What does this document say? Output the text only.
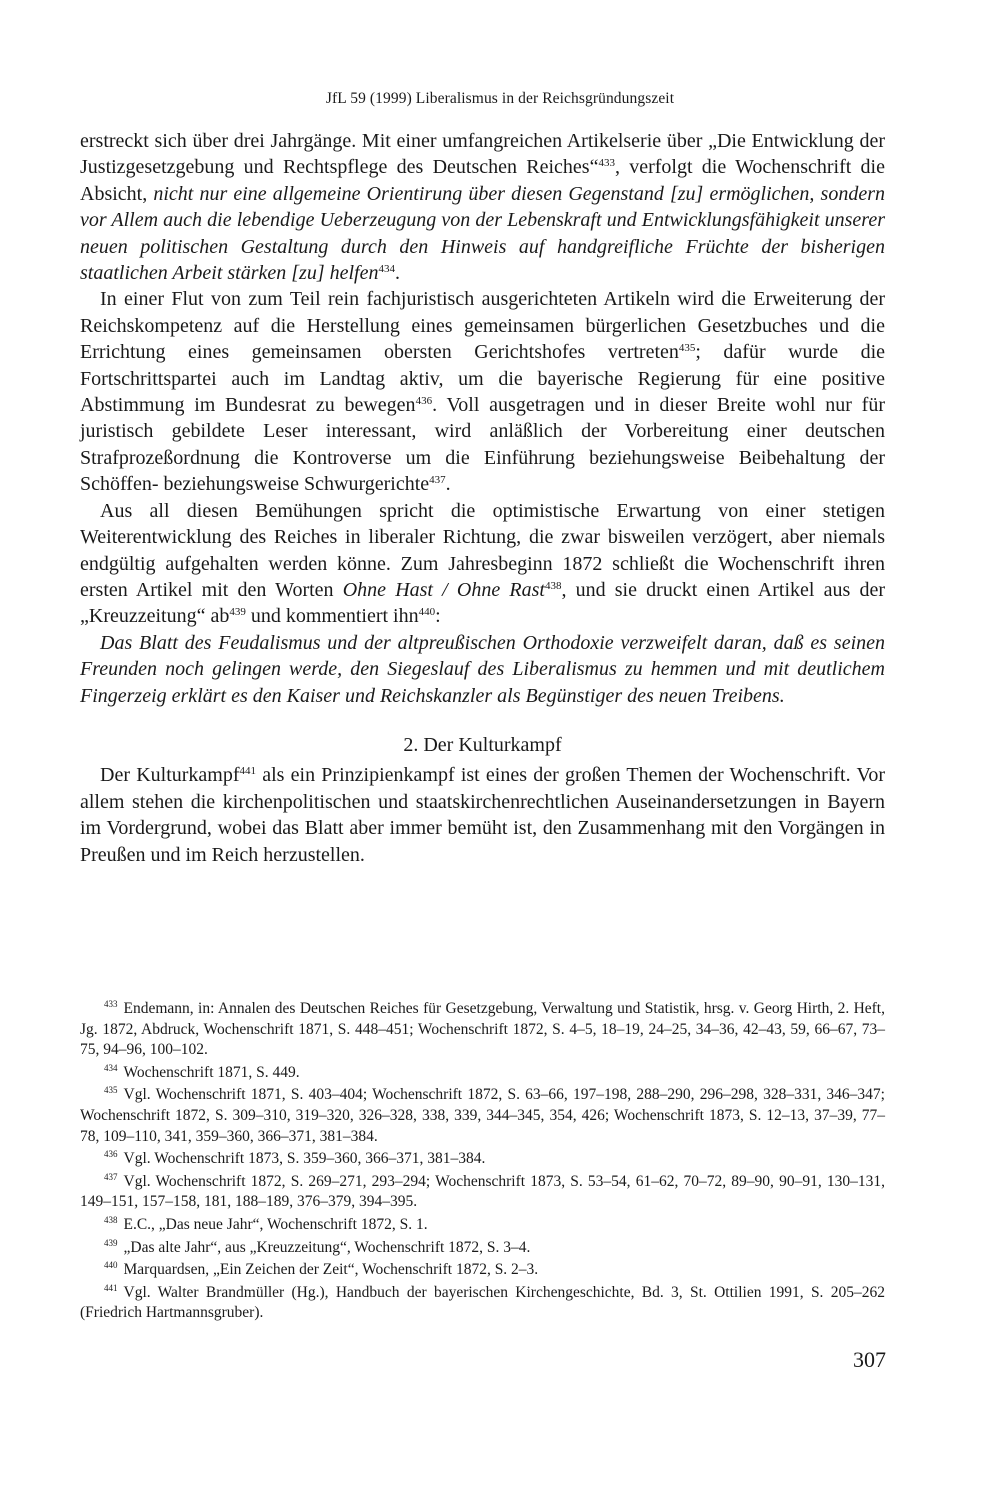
JfL 59 (1999) Liberalismus in der Reichsgründungszeit

erstreckt sich über drei Jahrgänge. Mit einer umfangreichen Artikelserie über „Die Entwicklung der Justizgesetzgebung und Rechtspflege des Deutschen Reiches“$^{433}$, verfolgt die Wochenschrift die Absicht, nicht nur eine allgemeine Orientirung über diesen Gegenstand [zu] ermöglichen, sondern vor Allem auch die lebendige Ueberzeugung von der Lebenskraft und Entwicklungsfähigkeit unserer neuen politischen Gestaltung durch den Hinweis auf handgreifliche Früchte der bisherigen staatlichen Arbeit stärken [zu] helfen$^{434}$.

In einer Flut von zum Teil rein fachjuristisch ausgerichteten Artikeln wird die Erweiterung der Reichskompetenz auf die Herstellung eines gemeinsamen bürgerlichen Gesetzbuches und die Errichtung eines gemeinsamen obersten Gerichtshofes vertreten$^{435}$; dafür wurde die Fortschrittspartei auch im Landtag aktiv, um die bayerische Regierung für eine positive Abstimmung im Bundesrat zu bewegen$^{436}$. Voll ausgetragen und in dieser Breite wohl nur für juristisch gebildete Leser interessant, wird anläßlich der Vorbereitung einer deutschen Strafprozeßordnung die Kontroverse um die Einführung beziehungsweise Beibehaltung der Schöffen- beziehungsweise Schwurgerichte$^{437}$.

Aus all diesen Bemühungen spricht die optimistische Erwartung von einer stetigen Weiterentwicklung des Reiches in liberaler Richtung, die zwar bisweilen verzögert, aber niemals endgültig aufgehalten werden könne. Zum Jahresbeginn 1872 schließt die Wochenschrift ihren ersten Artikel mit den Worten Ohne Hast / Ohne Rast$^{438}$, und sie druckt einen Artikel aus der „Kreuzzeitung“ $ab^{439}$ und kommentiert ihn$^{440}$:

Das Blatt des Feudalismus und der altpreußischen Orthodoxie verzweifelt daran, daß es seinen Freunden noch gelingen werde, den Siegeslauf des Liberalismus zu hemmen und mit deutlichem Fingerzeig erklärt es den Kaiser und Reichskanzler als Begünstiger des neuen Treibens.

2. Der Kulturkampf

Der Kulturkampf$^{441}$ als ein Prinzipienkampf ist eines der großen Themen der Wochenschrift. Vor allem stehen die kirchenpolitischen und staatskirchenrechtlichen Auseinandersetzungen in Bayern im Vordergrund, wobei das Blatt aber immer bemüht ist, den Zusammenhang mit den Vorgängen in Preußen und im Reich herzustellen.

$^{433}$ Endemann, in: Annalen des Deutschen Reiches für Gesetzgebung, Verwaltung und Statistik, hrsg. v. Georg Hirth, 2. Heft, Jg. 1872, Abdruck, Wochenschrift 1871, S. 448–451; Wochenschrift 1872, S. 4–5, 18–19, 24–25, 34–36, 42–43, 59, 66–67, 73–75, 94–96, 100–102.

$^{434}$ Wochenschrift 1871, S. 449.

$^{435}$ Vgl. Wochenschrift 1871, S. 403–404; Wochenschrift 1872, S. 63–66, 197–198, 288–290, 296–298, 328–331, 346–347; Wochenschrift 1872, S. 309–310, 319–320, 326–328, 338, 339, 344–345, 354, 426; Wochenschrift 1873, S. 12–13, 37–39, 77–78, 109–110, 341, 359–360, 366–371, 381–384.

$^{436}$ Vgl. Wochenschrift 1873, S. 359–360, 366–371, 381–384.

$^{437}$ Vgl. Wochenschrift 1872, S. 269–271, 293–294; Wochenschrift 1873, S. 53–54, 61–62, 70–72, 89–90, 90–91, 130–131, 149–151, 157–158, 181, 188–189, 376–379, 394–395.

$^{438}$ E.C., „Das neue Jahr“, Wochenschrift 1872, S. 1.

$^{439}$ „Das alte Jahr“, aus „Kreuzzeitung“, Wochenschrift 1872, S. 3–4.

$^{440}$ Marquardsen, „Ein Zeichen der Zeit“, Wochenschrift 1872, S. 2–3.

$^{441}$ Vgl. Walter Brandmüller (Hg.), Handbuch der bayerischen Kirchengeschichte, Bd. 3, St. Ottilien 1991, S. 205–262 (Friedrich Hartmannsgruber).

307
